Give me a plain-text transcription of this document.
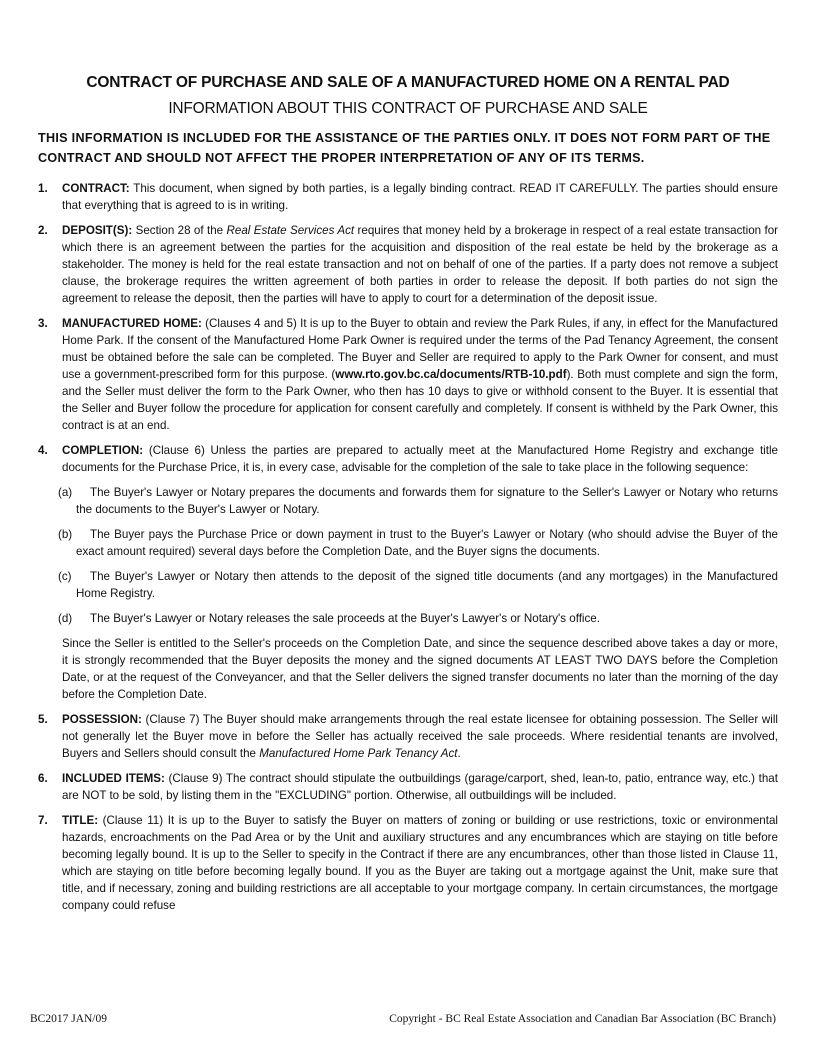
CONTRACT OF PURCHASE AND SALE OF A MANUFACTURED HOME ON A RENTAL PAD
INFORMATION ABOUT THIS CONTRACT OF PURCHASE AND SALE
THIS INFORMATION IS INCLUDED FOR THE ASSISTANCE OF THE PARTIES ONLY. IT DOES NOT FORM PART OF THE CONTRACT AND SHOULD NOT AFFECT THE PROPER INTERPRETATION OF ANY OF ITS TERMS.
1. CONTRACT: This document, when signed by both parties, is a legally binding contract. READ IT CAREFULLY. The parties should ensure that everything that is agreed to is in writing.
2. DEPOSIT(S): Section 28 of the Real Estate Services Act requires that money held by a brokerage in respect of a real estate transaction for which there is an agreement between the parties for the acquisition and disposition of the real estate be held by the brokerage as a stakeholder. The money is held for the real estate transaction and not on behalf of one of the parties. If a party does not remove a subject clause, the brokerage requires the written agreement of both parties in order to release the deposit. If both parties do not sign the agreement to release the deposit, then the parties will have to apply to court for a determination of the deposit issue.
3. MANUFACTURED HOME: (Clauses 4 and 5) It is up to the Buyer to obtain and review the Park Rules, if any, in effect for the Manufactured Home Park. If the consent of the Manufactured Home Park Owner is required under the terms of the Pad Tenancy Agreement, the consent must be obtained before the sale can be completed. The Buyer and Seller are required to apply to the Park Owner for consent, and must use a government-prescribed form for this purpose. (www.rto.gov.bc.ca/documents/RTB-10.pdf). Both must complete and sign the form, and the Seller must deliver the form to the Park Owner, who then has 10 days to give or withhold consent to the Buyer. It is essential that the Seller and Buyer follow the procedure for application for consent carefully and completely. If consent is withheld by the Park Owner, this contract is at an end.
4. COMPLETION: (Clause 6) Unless the parties are prepared to actually meet at the Manufactured Home Registry and exchange title documents for the Purchase Price, it is, in every case, advisable for the completion of the sale to take place in the following sequence:
(a) The Buyer's Lawyer or Notary prepares the documents and forwards them for signature to the Seller's Lawyer or Notary who returns the documents to the Buyer's Lawyer or Notary.
(b) The Buyer pays the Purchase Price or down payment in trust to the Buyer's Lawyer or Notary (who should advise the Buyer of the exact amount required) several days before the Completion Date, and the Buyer signs the documents.
(c) The Buyer's Lawyer or Notary then attends to the deposit of the signed title documents (and any mortgages) in the Manufactured Home Registry.
(d) The Buyer's Lawyer or Notary releases the sale proceeds at the Buyer's Lawyer's or Notary's office.
Since the Seller is entitled to the Seller's proceeds on the Completion Date, and since the sequence described above takes a day or more, it is strongly recommended that the Buyer deposits the money and the signed documents AT LEAST TWO DAYS before the Completion Date, or at the request of the Conveyancer, and that the Seller delivers the signed transfer documents no later than the morning of the day before the Completion Date.
5. POSSESSION: (Clause 7) The Buyer should make arrangements through the real estate licensee for obtaining possession. The Seller will not generally let the Buyer move in before the Seller has actually received the sale proceeds. Where residential tenants are involved, Buyers and Sellers should consult the Manufactured Home Park Tenancy Act.
6. INCLUDED ITEMS: (Clause 9) The contract should stipulate the outbuildings (garage/carport, shed, lean-to, patio, entrance way, etc.) that are NOT to be sold, by listing them in the "EXCLUDING" portion. Otherwise, all outbuildings will be included.
7. TITLE: (Clause 11) It is up to the Buyer to satisfy the Buyer on matters of zoning or building or use restrictions, toxic or environmental hazards, encroachments on the Pad Area or by the Unit and auxiliary structures and any encumbrances which are staying on title before becoming legally bound. It is up to the Seller to specify in the Contract if there are any encumbrances, other than those listed in Clause 11, which are staying on title before becoming legally bound. If you as the Buyer are taking out a mortgage against the Unit, make sure that title, and if necessary, zoning and building restrictions are all acceptable to your mortgage company. In certain circumstances, the mortgage company could refuse
BC2017 JAN/09	Copyright - BC Real Estate Association and Canadian Bar Association (BC Branch)
